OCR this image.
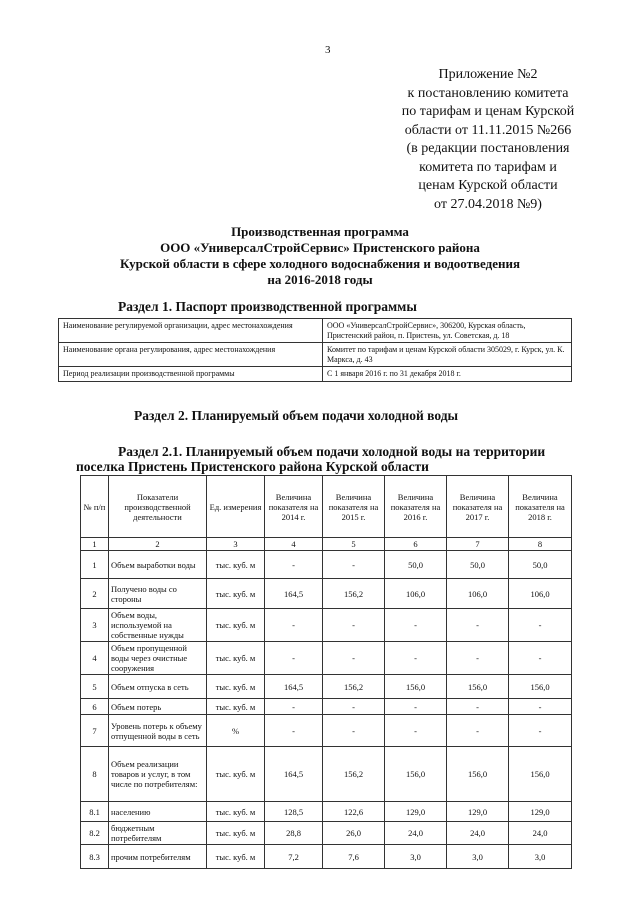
3
Приложение №2
к постановлению комитета
по тарифам и ценам Курской
области от 11.11.2015 №266
(в редакции постановления
комитета по тарифам и
ценам Курской области
от 27.04.2018 №9)
Производственная программа
ООО «УниверсалСтройСервис» Пристенского района
Курской области в сфере холодного водоснабжения и водоотведения
на 2016-2018 годы
Раздел 1. Паспорт производственной программы
Наименование регулируемой организации, адрес местонахождения	ООО «УниверсалСтройСервис», 306200, Курская область, Пристенский район, п. Пристень, ул. Советская, д. 18
Наименование органа регулирования, адрес местонахождения	Комитет по тарифам и ценам Курской области 305029, г. Курск, ул. К. Маркса, д. 43
Период реализации производственной программы	С 1 января 2016 г. по 31 декабря 2018 г.
Раздел 2. Планируемый объем подачи холодной воды
Раздел 2.1. Планируемый объем подачи холодной воды на территории
поселка Пристень Пристенского района Курской области
№ п/п	Показатели производственной деятельности	Ед. измерения	Величина показателя на 2014 г.	Величина показателя на 2015 г.	Величина показателя на 2016 г.	Величина показателя на 2017 г.	Величина показателя на 2018 г.
1	2	3	4	5	6	7	8
1	Объем выработки воды	тыс. куб. м	-	-	50,0	50,0	50,0
2	Получено воды со стороны	тыс. куб. м	164,5	156,2	106,0	106,0	106,0
3	Объем воды, используемой на собственные нужды	тыс. куб. м	-	-	-	-	-
4	Объем пропущенной воды через очистные сооружения	тыс. куб. м	-	-	-	-	-
5	Объем отпуска в сеть	тыс. куб. м	164,5	156,2	156,0	156,0	156,0
6	Объем потерь	тыс. куб. м	-	-	-	-	-
7	Уровень потерь к объему отпущенной воды в сеть	%	-	-	-	-	-
8	Объем реализации товаров и услуг, в том числе по потребителям:	тыс. куб. м	164,5	156,2	156,0	156,0	156,0
8.1	населению	тыс. куб. м	128,5	122,6	129,0	129,0	129,0
8.2	бюджетным потребителям	тыс. куб. м	28,8	26,0	24,0	24,0	24,0
8.3	прочим потребителям	тыс. куб. м	7,2	7,6	3,0	3,0	3,0
